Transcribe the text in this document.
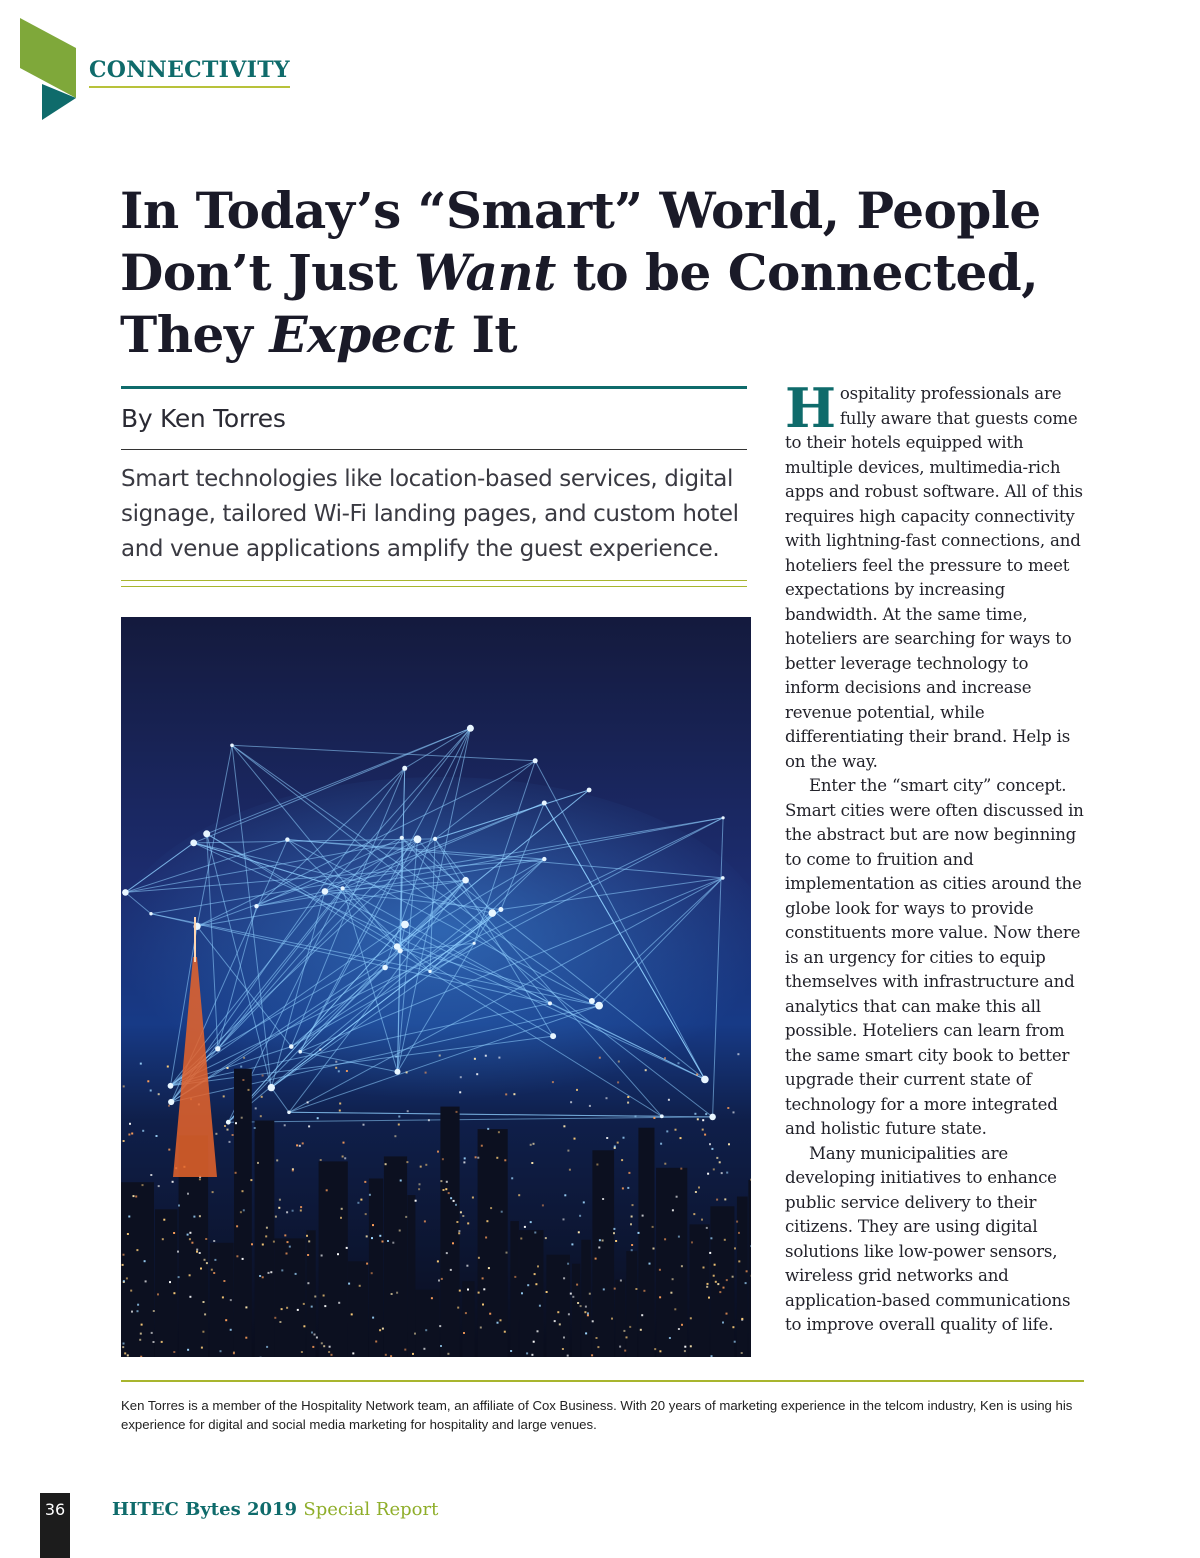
CONNECTIVITY
In Today’s “Smart” World, People
Don’t Just Want to be Connected,
They Expect It
By Ken Torres

Smart technologies like location-based services, digital signage, tailored Wi-Fi landing pages, and custom hotel and venue applications amplify the guest experience.

Hospitality professionals are fully aware that guests come to their hotels equipped with multiple devices, multimedia-rich apps and robust software. All of this requires high capacity connectivity with lightning-fast connections, and hoteliers feel the pressure to meet expectations by increasing bandwidth. At the same time, hoteliers are searching for ways to better leverage technology to inform decisions and increase revenue potential, while differentiating their brand. Help is on the way.

Enter the “smart city” concept. Smart cities were often discussed in the abstract but are now beginning to come to fruition and implementation as cities around the globe look for ways to provide constituents more value. Now there is an urgency for cities to equip themselves with infrastructure and analytics that can make this all possible. Hoteliers can learn from the same smart city book to better upgrade their current state of technology for a more integrated and holistic future state.

Many municipalities are developing initiatives to enhance public service delivery to their citizens. They are using digital solutions like low-power sensors, wireless grid networks and application-based communications to improve overall quality of life.

Ken Torres is a member of the Hospitality Network team, an affiliate of Cox Business. With 20 years of marketing experience in the telcom industry, Ken is using his experience for digital and social media marketing for hospitality and large venues.

36	HITEC Bytes 2019 Special Report
